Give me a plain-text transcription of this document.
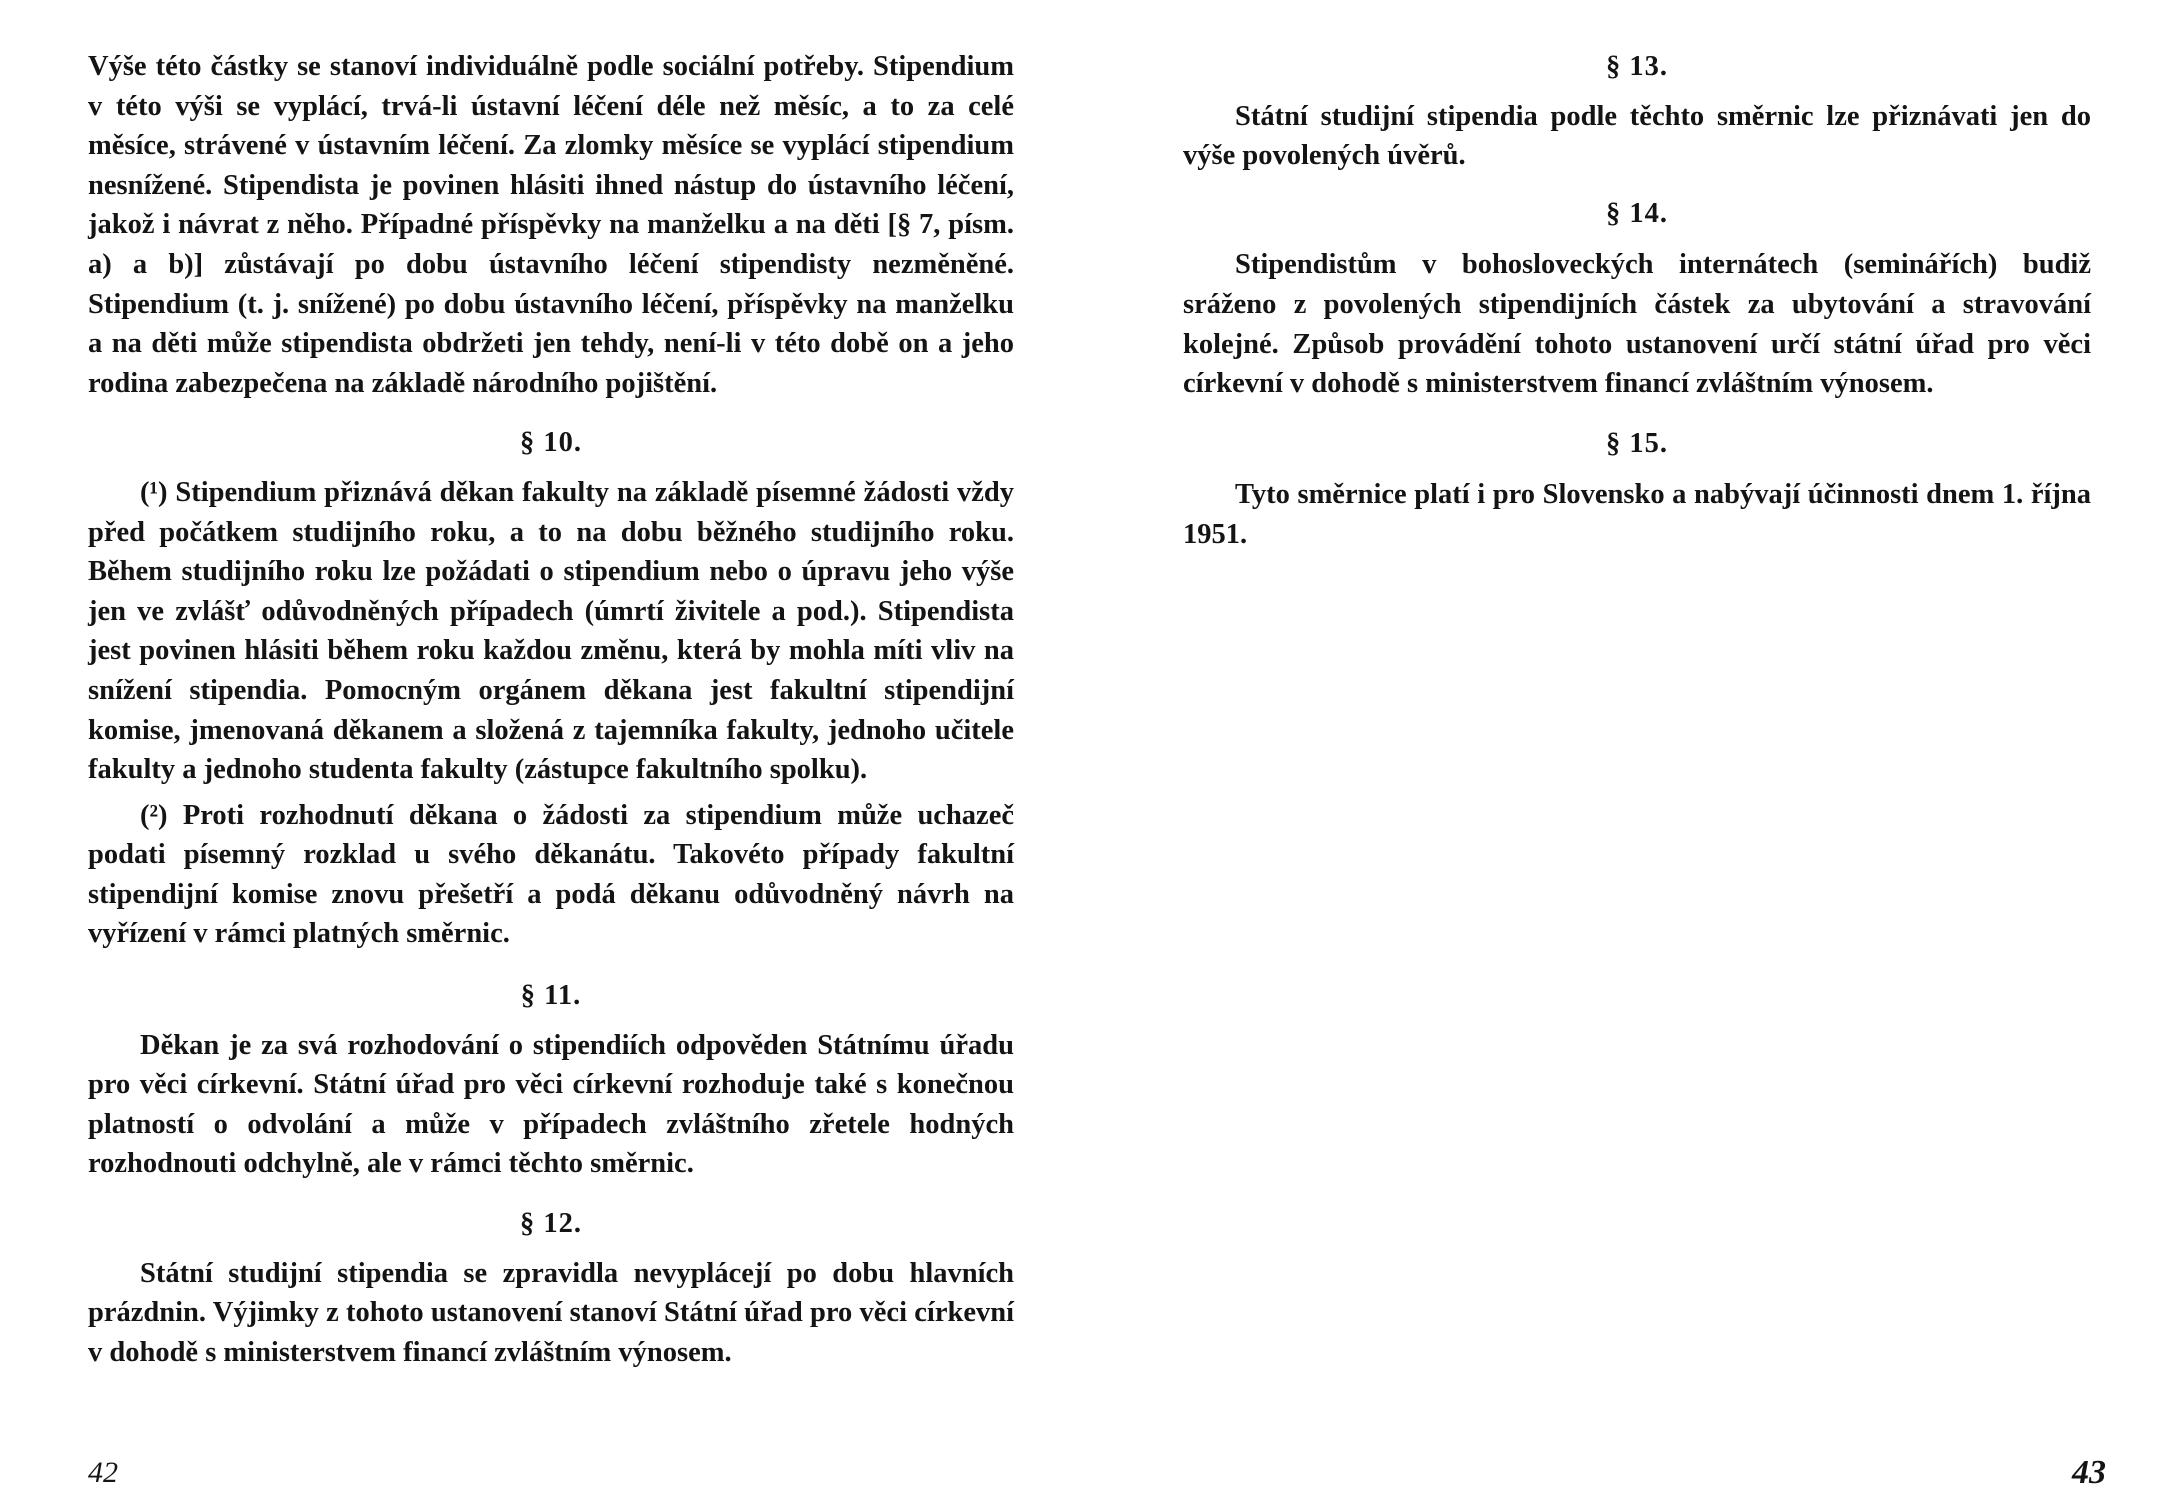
Výše této částky se stanoví individuálně podle sociální potřeby. Stipendium v této výši se vyplácí, trvá-li ústavní léčení déle než měsíc, a to za celé měsíce, strávené v ústavním léčení. Za zlomky měsíce se vyplácí stipendium nesnížené. Stipendista je povinen hlásiti ihned nástup do ústavního léčení, jakož i návrat z něho. Případné příspěvky na manželku a na děti [§ 7, písm. a) a b)] zůstávají po dobu ústavního léčení stipendisty nezměněné. Stipendium (t. j. snížené) po dobu ústavního léčení, příspěvky na manželku a na děti může stipendista obdržeti jen tehdy, není-li v této době on a jeho rodina zabezpečena na základě národního pojištění.

§ 10.

(¹) Stipendium přiznává děkan fakulty na základě písemné žádosti vždy před počátkem studijního roku, a to na dobu běžného studijního roku. Během studijního roku lze požádati o stipendium nebo o úpravu jeho výše jen ve zvlášť odůvodněných případech (úmrtí živitele a pod.). Stipendista jest povinen hlásiti během roku každou změnu, která by mohla míti vliv na snížení stipendia. Pomocným orgánem děkana jest fakultní stipendijní komise, jmenovaná děkanem a složená z tajemníka fakulty, jednoho učitele fakulty a jednoho studenta fakulty (zástupce fakultního spolku).

(²) Proti rozhodnutí děkana o žádosti za stipendium může uchazeč podati písemný rozklad u svého děkanátu. Takovéto případy fakultní stipendijní komise znovu přešetří a podá děkanu odůvodněný návrh na vyřízení v rámci platných směrnic.

§ 11.

Děkan je za svá rozhodování o stipendiích odpověden Státnímu úřadu pro věci církevní. Státní úřad pro věci církevní rozhoduje také s konečnou platností o odvolání a může v případech zvláštního zřetele hodných rozhodnouti odchylně, ale v rámci těchto směrnic.

§ 12.

Státní studijní stipendia se zpravidla nevyplácejí po dobu hlavních prázdnin. Výjimky z tohoto ustanovení stanoví Státní úřad pro věci církevní v dohodě s ministerstvem financí zvláštním výnosem.

42
§ 13.

Státní studijní stipendia podle těchto směrnic lze přiznávati jen do výše povolených úvěrů.

§ 14.

Stipendistům v bohosloveckých internátech (seminářích) budiž sráženo z povolených stipendijních částek za ubytování a stravování kolejné. Způsob provádění tohoto ustanovení určí státní úřad pro věci církevní v dohodě s ministerstvem financí zvláštním výnosem.

§ 15.

Tyto směrnice platí i pro Slovensko a nabývají účinnosti dnem 1. října 1951.

43
